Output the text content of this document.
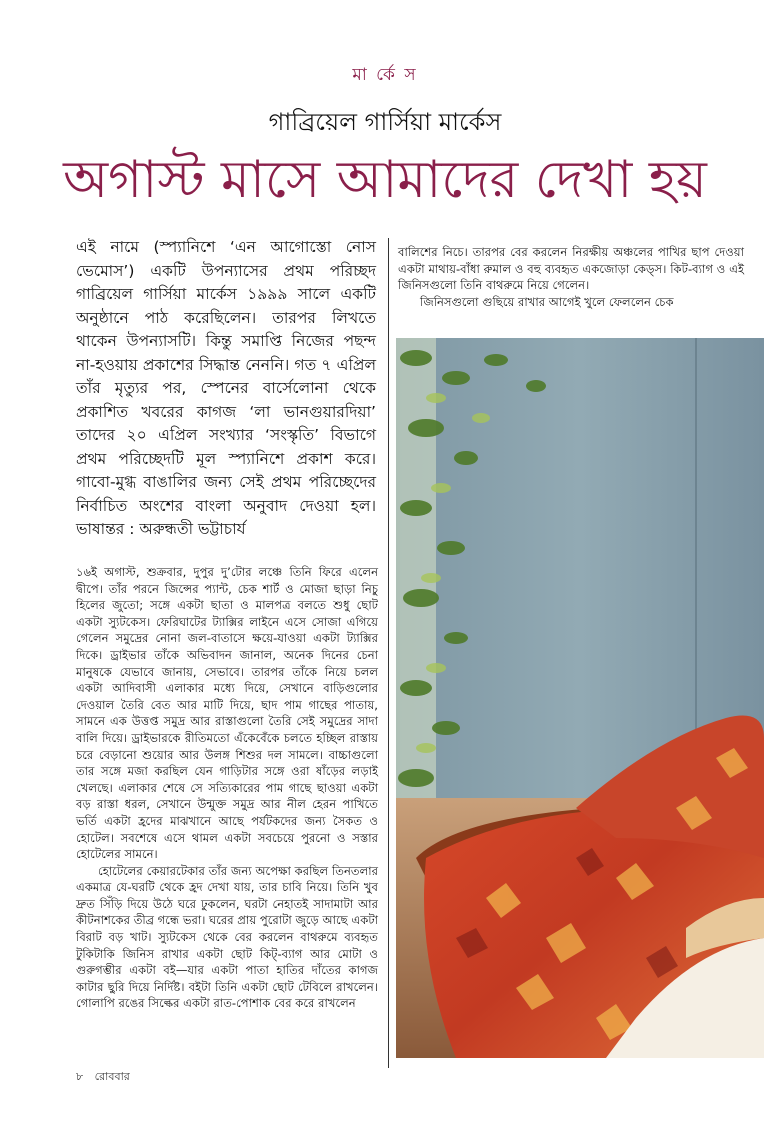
মা র্কে স
গাব্রিয়েল গার্সিয়া মার্কেস
অগাস্ট মাসে আমাদের দেখা হয়
এই নামে (স্প্যানিশে ‘এন আগোস্তো নোস ভেমোস’) একটি উপন্যাসের প্রথম পরিচ্ছদ গাব্রিয়েল গার্সিয়া মার্কেস ১৯৯৯ সালে একটি অনুষ্ঠানে পাঠ করেছিলেন। তারপর লিখতে থাকেন উপন্যাসটি। কিন্তু সমাপ্তি নিজের পছন্দ না-হওয়ায় প্রকাশের সিদ্ধান্ত নেননি। গত ৭ এপ্রিল তাঁর মৃত্যুর পর, স্পেনের বার্সেলোনা থেকে প্রকাশিত খবরের কাগজ ‘লা ভানগুয়ারদিয়া’ তাদের ২০ এপ্রিল সংখ্যার ‘সংস্কৃতি’ বিভাগে প্রথম পরিচ্ছেদটি মূল স্প্যানিশে প্রকাশ করে। গাবো-মুগ্ধ বাঙালির জন্য সেই প্রথম পরিচ্ছেদের নির্বাচিত অংশের বাংলা অনুবাদ দেওয়া হল। ভাষান্তর : অরুন্ধতী ভট্টাচার্য

১৬ই অগাস্ট, শুক্রবার, দুপুর দু’টোর লঞ্চে তিনি ফিরে এলেন দ্বীপে। তাঁর পরনে জিন্সের প্যান্ট, চেক শার্ট ও মোজা ছাড়া নিচু হিলের জুতো; সঙ্গে একটা ছাতা ও মালপত্র বলতে শুধু ছোট একটা স্যুটকেস। ফেরিঘাটের ট্যাক্সির লাইনে এসে সোজা এগিয়ে গেলেন সমুদ্রের নোনা জল-বাতাসে ক্ষয়ে-যাওয়া একটা ট্যাক্সির দিকে। ড্রাইভার তাঁকে অভিবাদন জানাল, অনেক দিনের চেনা মানুষকে যেভাবে জানায়, সেভাবে। তারপর তাঁকে নিয়ে চলল একটা আদিবাসী এলাকার মধ্যে দিয়ে, সেখানে বাড়িগুলোর দেওয়াল তৈরি বেত আর মাটি দিয়ে, ছাদ পাম গাছের পাতায়, সামনে এক উত্তপ্ত সমুদ্র আর রাস্তাগুলো তৈরি সেই সমুদ্রের সাদা বালি দিয়ে। ড্রাইভারকে রীতিমতো এঁকেবেঁকে চলতে হচ্ছিল রাস্তায় চরে বেড়ানো শুয়োর আর উলঙ্গ শিশুর দল সামলে। বাচ্চাগুলো তার সঙ্গে মজা করছিল যেন গাড়িটার সঙ্গে ওরা ষাঁড়ের লড়াই খেলছে। এলাকার শেষে সে সত্যিকারের পাম গাছে ছাওয়া একটা বড় রাস্তা ধরল, সেখানে উন্মুক্ত সমুদ্র আর নীল হেরন পাখিতে ভর্তি একটা হ্রদের মাঝখানে আছে পর্যটকদের জন্য সৈকত ও হোটেল। সবশেষে এসে থামল একটা সবচেয়ে পুরনো ও সস্তার হোটেলের সামনে।

হোটেলের কেয়ারটেকার তাঁর জন্য অপেক্ষা করছিল তিনতলার একমাত্র যে-ঘরটি থেকে হ্রদ দেখা যায়, তার চাবি নিয়ে। তিনি খুব দ্রুত সিঁড়ি দিয়ে উঠে ঘরে ঢুকলেন, ঘরটা নেহাতই সাদামাটা আর কীটনাশকের তীব্র গন্ধে ভরা। ঘরের প্রায় পুরোটা জুড়ে আছে একটা বিরাট বড় খাট। স্যুটকেস থেকে বের করলেন বাথরুমে ব্যবহৃত টুকিটাকি জিনিস রাখার একটা ছোট কিট্‌-ব্যাগ আর মোটা ও গুরুগম্ভীর একটা বই—যার একটা পাতা হাতির দাঁতের কাগজ কাটার ছুরি দিয়ে নির্দিষ্ট। বইটা তিনি একটা ছোট টেবিলে রাখলেন। গোলাপি রঙের সিল্কের একটা রাত-পোশাক বের করে রাখলেন

বালিশের নিচে। তারপর বের করলেন নিরক্ষীয় অঞ্চলের পাখির ছাপ দেওয়া একটা মাথায়-বাঁধা রুমাল ও বহু ব্যবহৃত একজোড়া কেড্‌স। কিট-ব্যাগ ও এই জিনিসগুলো তিনি বাথরুমে নিয়ে গেলেন।

জিনিসগুলো গুছিয়ে রাখার আগেই খুলে ফেললেন চেক

৮ রোববার
